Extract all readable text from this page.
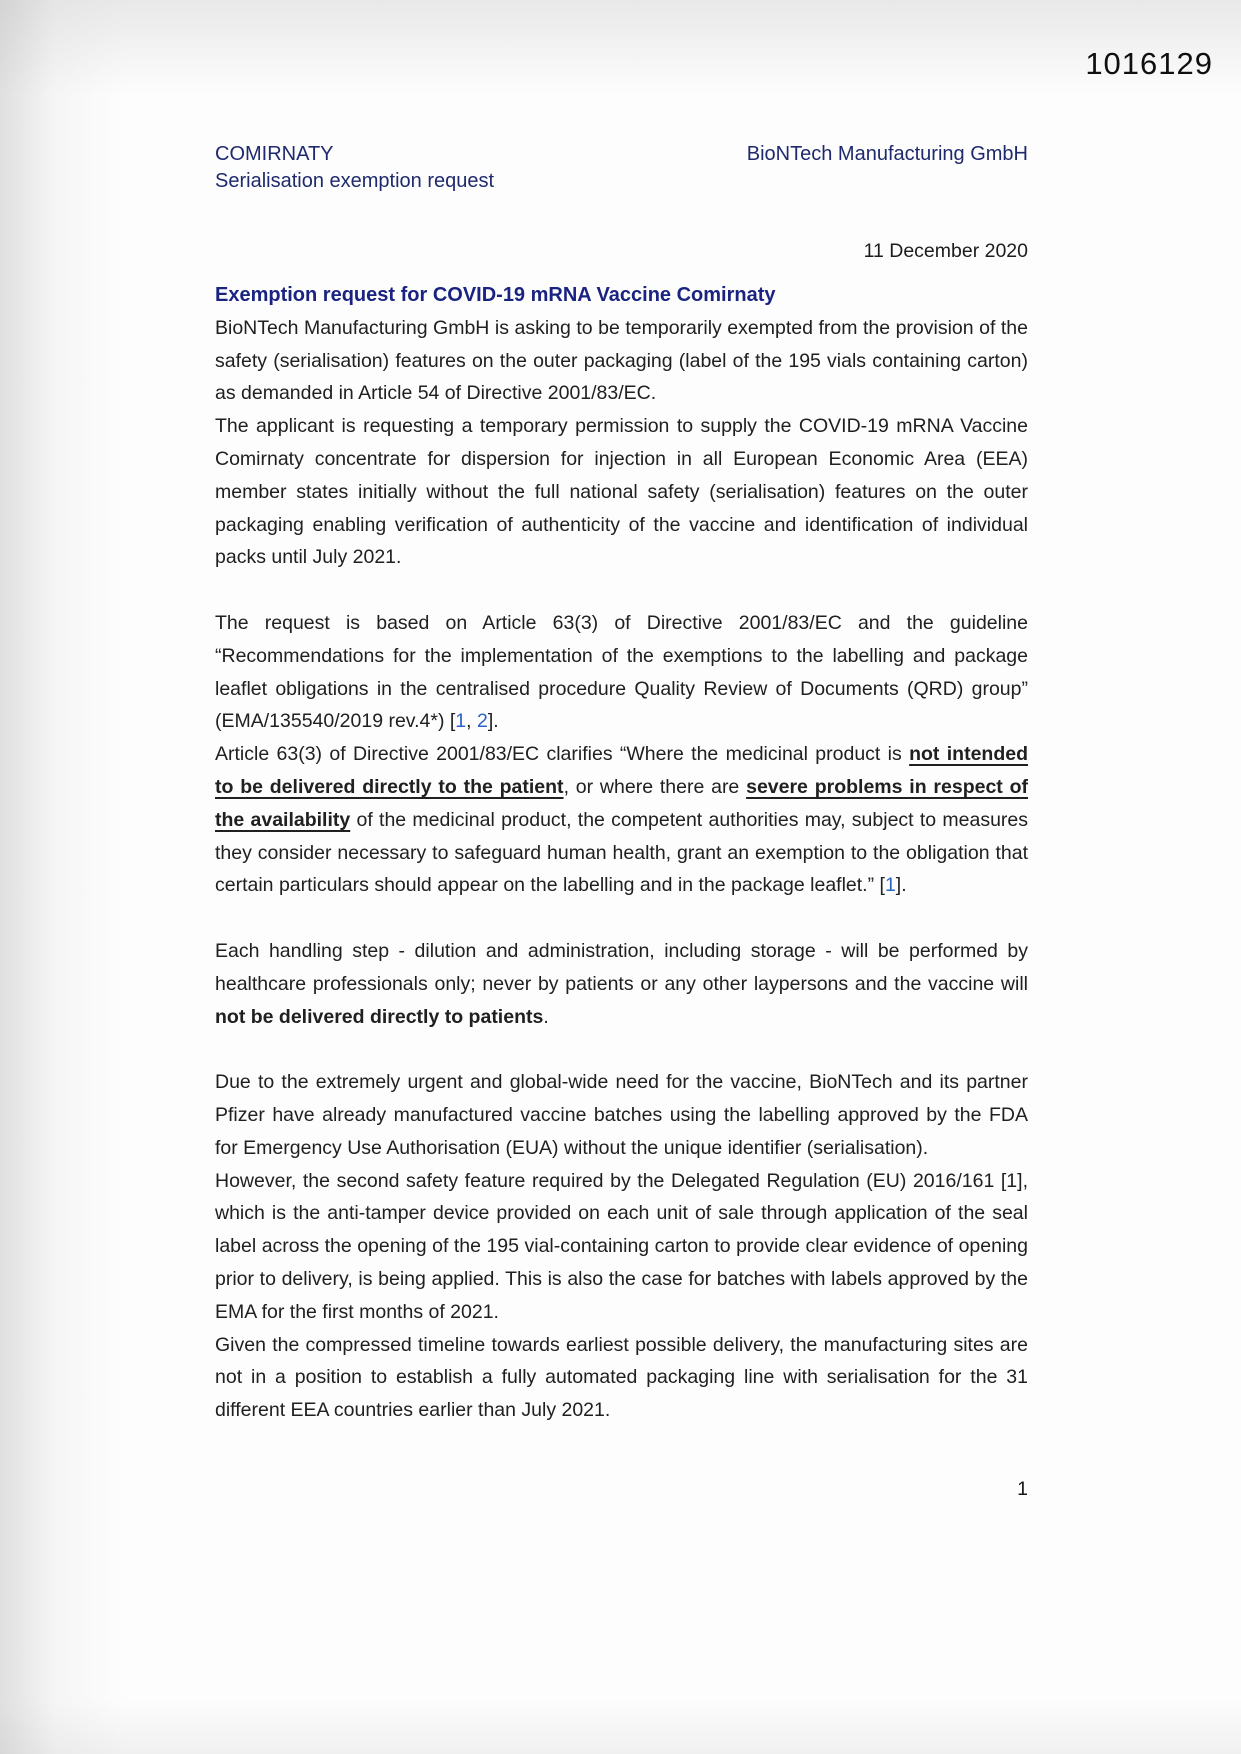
1016129
COMIRNATY
Serialisation exemption request
BioNTech Manufacturing GmbH
11 December 2020
Exemption request for COVID-19 mRNA Vaccine Comirnaty

BioNTech Manufacturing GmbH is asking to be temporarily exempted from the provision of the safety (serialisation) features on the outer packaging (label of the 195 vials containing carton) as demanded in Article 54 of Directive 2001/83/EC.

The applicant is requesting a temporary permission to supply the COVID-19 mRNA Vaccine Comirnaty concentrate for dispersion for injection in all European Economic Area (EEA) member states initially without the full national safety (serialisation) features on the outer packaging enabling verification of authenticity of the vaccine and identification of individual packs until July 2021.

The request is based on Article 63(3) of Directive 2001/83/EC and the guideline “Recommendations for the implementation of the exemptions to the labelling and package leaflet obligations in the centralised procedure Quality Review of Documents (QRD) group” (EMA/135540/2019 rev.4*) [1, 2].

Article 63(3) of Directive 2001/83/EC clarifies “Where the medicinal product is not intended to be delivered directly to the patient, or where there are severe problems in respect of the availability of the medicinal product, the competent authorities may, subject to measures they consider necessary to safeguard human health, grant an exemption to the obligation that certain particulars should appear on the labelling and in the package leaflet.” [1].

Each handling step - dilution and administration, including storage - will be performed by healthcare professionals only; never by patients or any other laypersons and the vaccine will not be delivered directly to patients.

Due to the extremely urgent and global-wide need for the vaccine, BioNTech and its partner Pfizer have already manufactured vaccine batches using the labelling approved by the FDA for Emergency Use Authorisation (EUA) without the unique identifier (serialisation).

However, the second safety feature required by the Delegated Regulation (EU) 2016/161 [1], which is the anti-tamper device provided on each unit of sale through application of the seal label across the opening of the 195 vial-containing carton to provide clear evidence of opening prior to delivery, is being applied. This is also the case for batches with labels approved by the EMA for the first months of 2021.

Given the compressed timeline towards earliest possible delivery, the manufacturing sites are not in a position to establish a fully automated packaging line with serialisation for the 31 different EEA countries earlier than July 2021.

1
